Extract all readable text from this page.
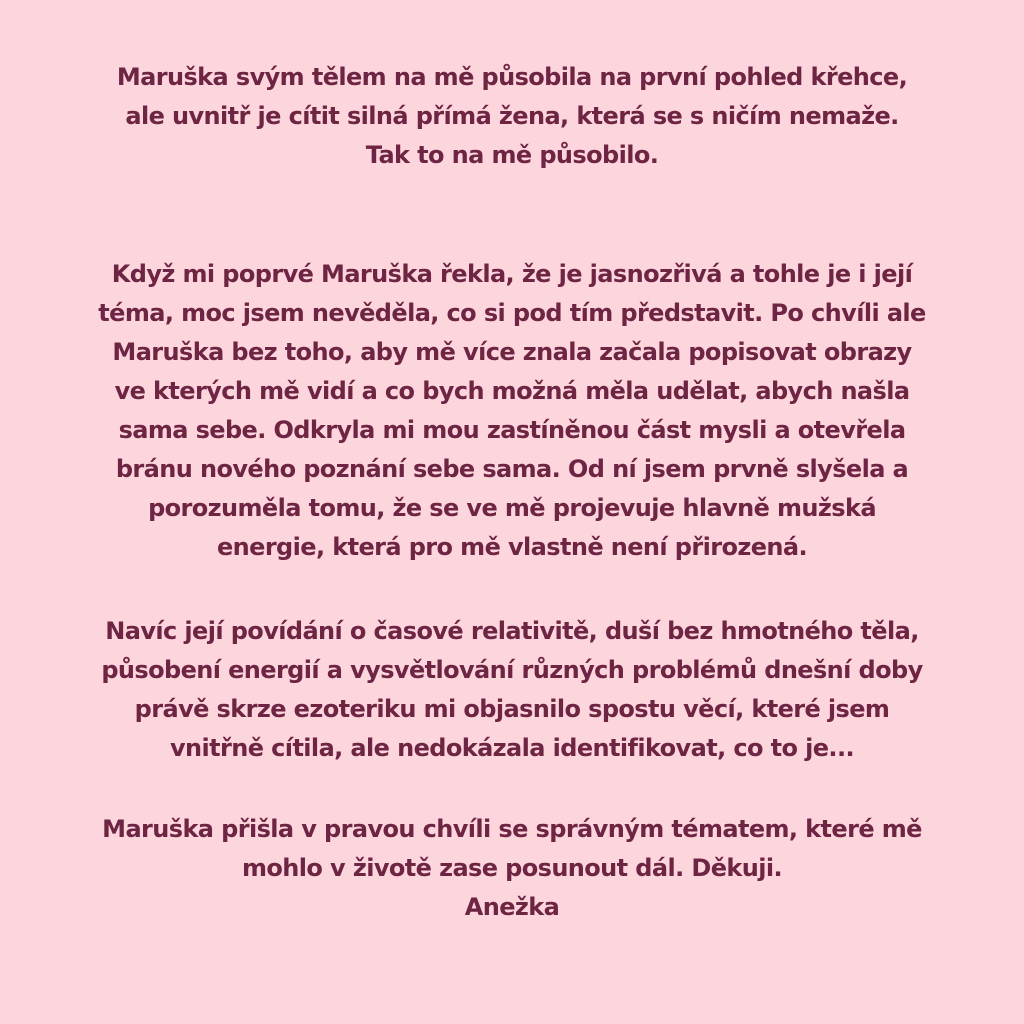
Maruška svým tělem na mě působila na první pohled křehce,
ale uvnitř je cítit silná přímá žena, která se s ničím nemaže.
Tak to na mě působilo.
Když mi poprvé Maruška řekla, že je jasnozřivá a tohle je i její
téma, moc jsem nevěděla, co si pod tím představit. Po chvíli ale
Maruška bez toho, aby mě více znala začala popisovat obrazy
ve kterých mě vidí a co bych možná měla udělat, abych našla
sama sebe. Odkryla mi mou zastíněnou část mysli a otevřela
bránu nového poznání sebe sama. Od ní jsem prvně slyšela a
porozuměla tomu, že se ve mě projevuje hlavně mužská
energie, která pro mě vlastně není přirozená.
Navíc její povídání o časové relativitě, duší bez hmotného těla,
působení energií a vysvětlování různých problémů dnešní doby
právě skrze ezoteriku mi objasnilo spostu věcí, které jsem
vnitřně cítila, ale nedokázala identifikovat, co to je...
Maruška přišla v pravou chvíli se správným tématem, které mě
mohlo v životě zase posunout dál. Děkuji.
Anežka
